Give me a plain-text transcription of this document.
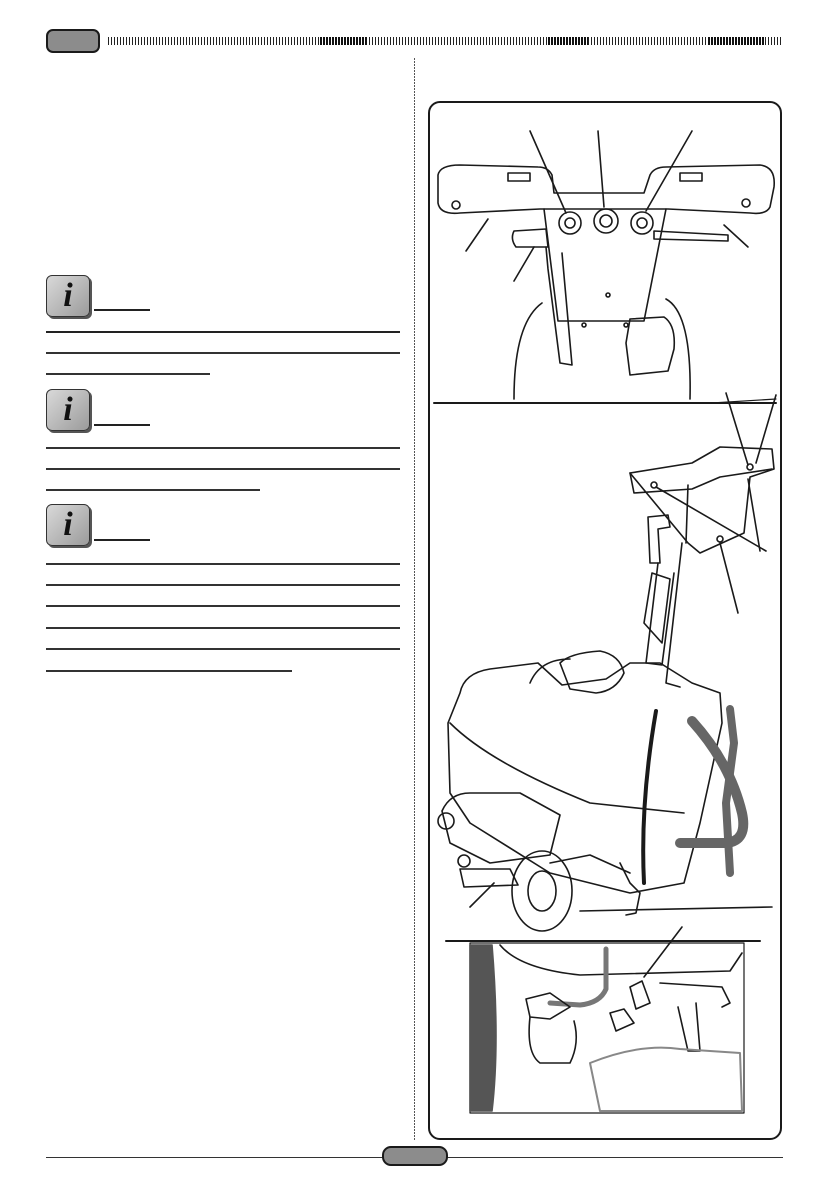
i
i
i
